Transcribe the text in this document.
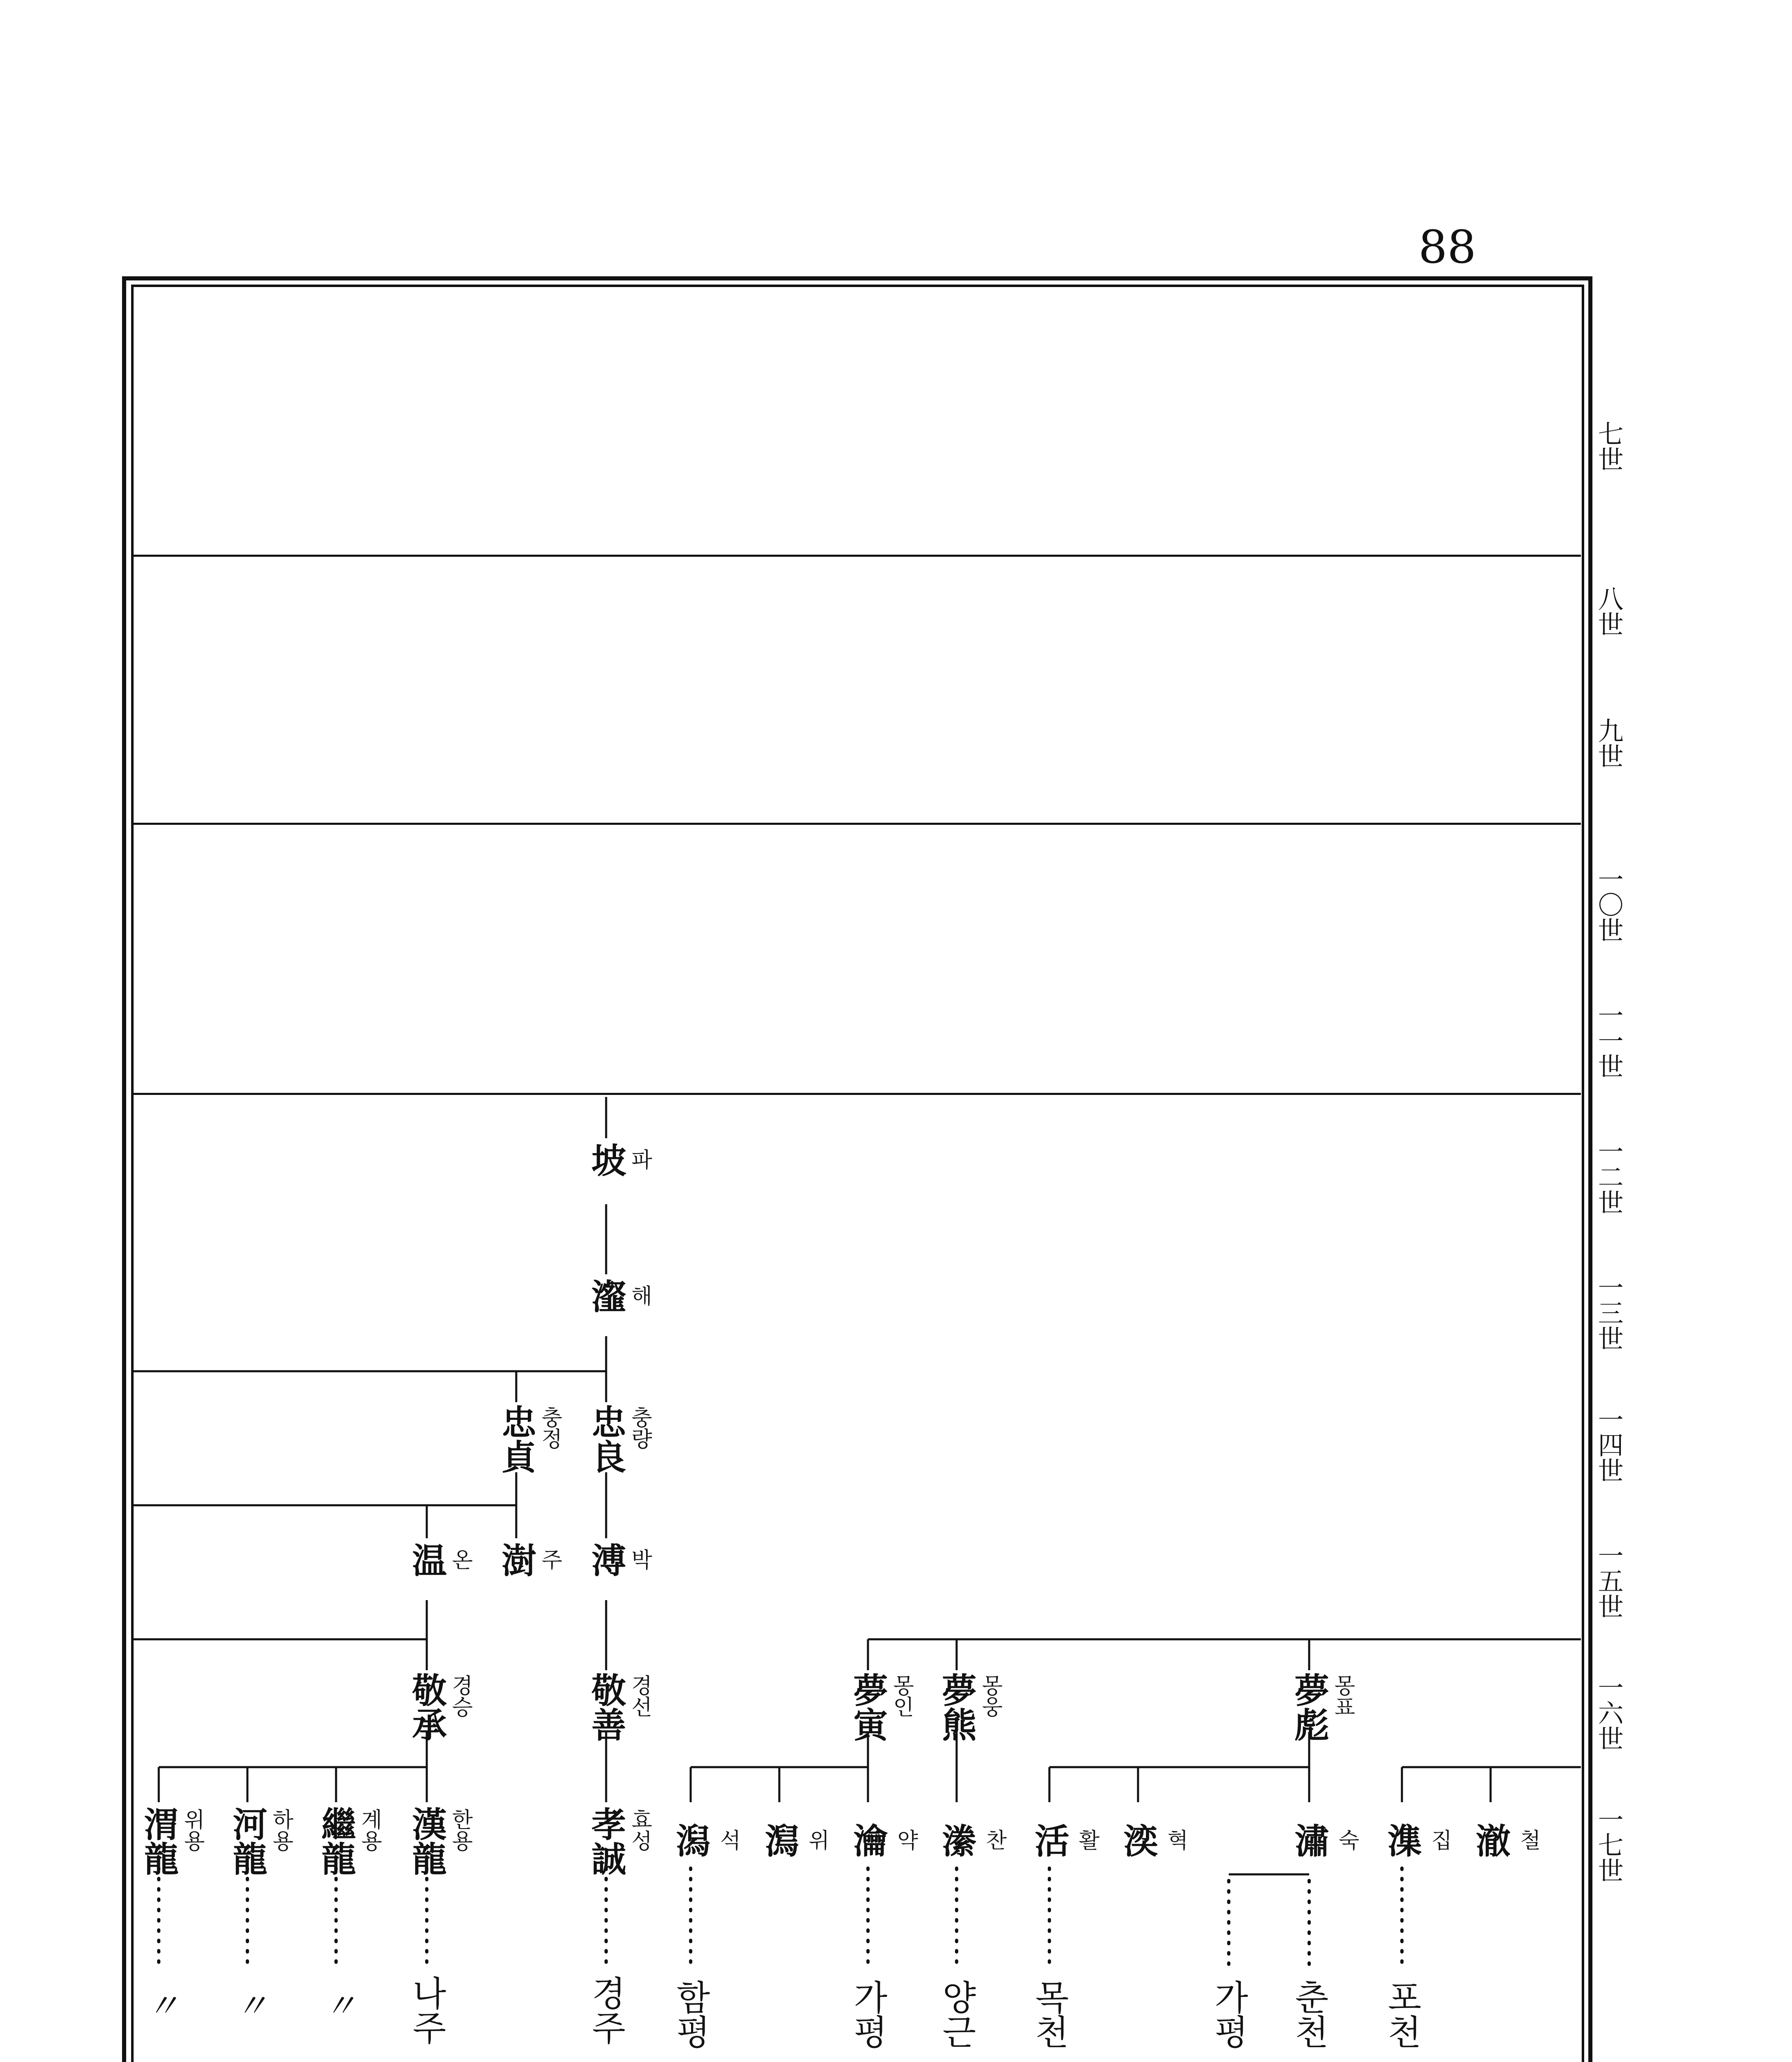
88
七世
八世
九世
一〇世
一一世
一二世
一三世
一四世
一五世
一六世
一七世
坡 파
瀣 해
忠良 충량
忠貞 충정
溥 박
澍 주
温 온
敬善 경선
敬承 경승	夢寅 몽인 夢熊 몽웅	夢彪 몽표
孝誠 효성
漢龍 한용
繼龍 계용
河龍 하용
渭龍 위용	潟 석 澙 위 瀹 약 潫 찬 活 활 湙 혁	潚 숙 潗 집 澈 철
나주	경주 함평	가평 양근 목천	가평 춘천 포천
〃 〃 〃
